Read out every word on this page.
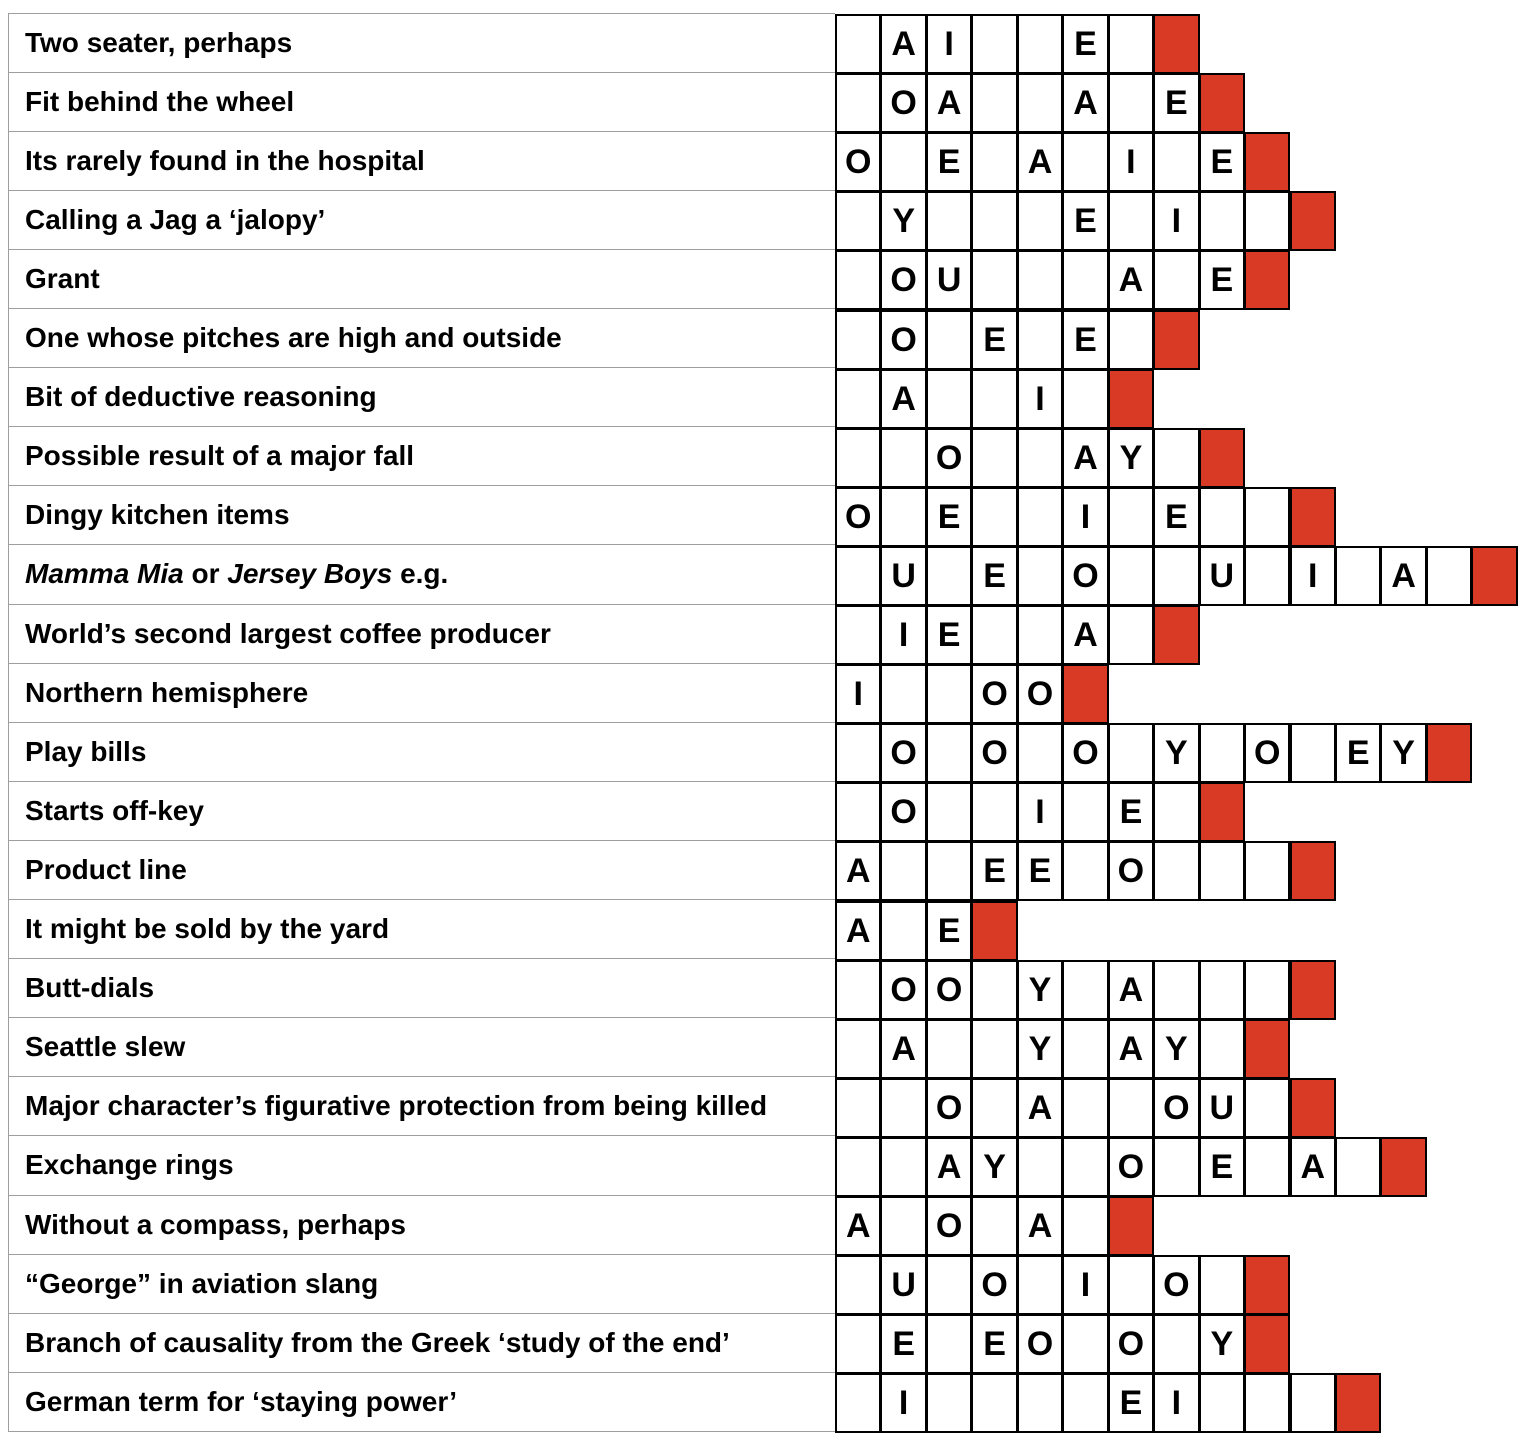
Two seater, perhaps	A I	E
Fit behind the wheel	O A	A	E
Its rarely found in the hospital	O	E	A	I	E
Calling a Jag a ‘jalopy’	Y	E	I
Grant	O U	A	E
One whose pitches are high and outside	O	E	E
Bit of deductive reasoning	A	I
Possible result of a major fall	O	A Y
Dingy kitchen items	O	E	I	E
Mamma Mia or Jersey Boys e.g.	U	E	O	U	I	A
World’s second largest coffee producer	I E	A
Northern hemisphere	I	O O
Play bills	O O O	Y	O	E Y
Starts off-key	O	I	E
Product line	A	E E	O
It might be sold by the yard	A	E
Butt-dials	O O	Y	A
Seattle slew	A	Y	A Y
Major character’s figurative protection from being killed	O	A	O U
Exchange rings	A Y	O	E	A
Without a compass, perhaps	A	O	A
“George” in aviation slang	U	O	I	O
Branch of causality from the Greek ‘study of the end’	E	E O O	Y
German term for ‘staying power’	I	E I
